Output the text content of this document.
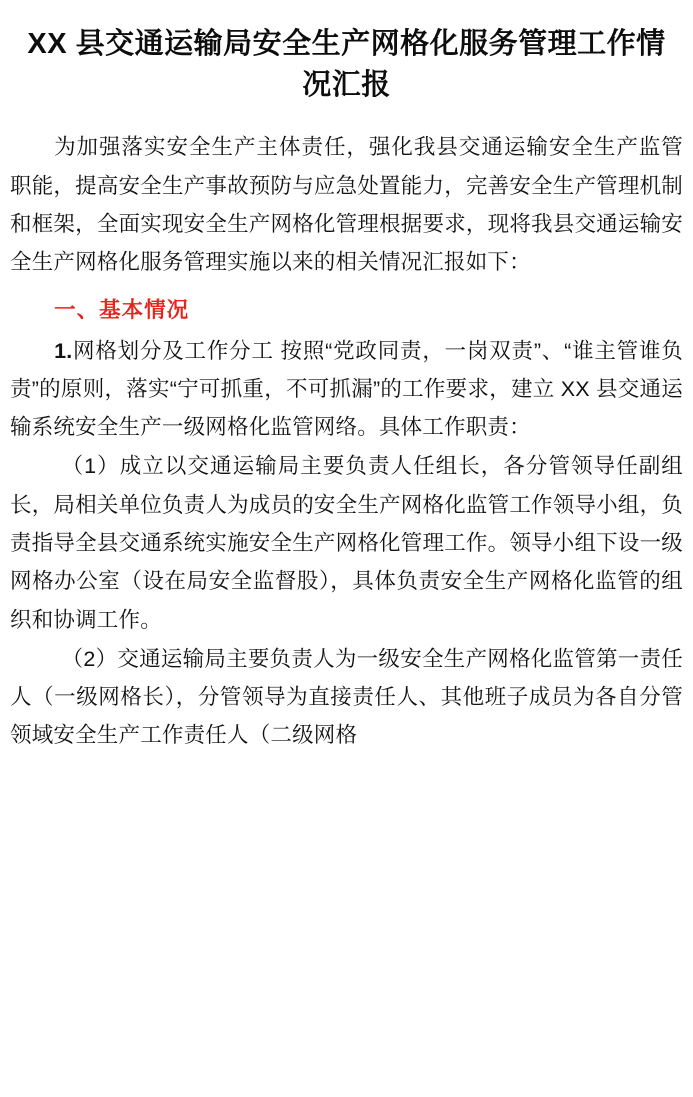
XX 县交通运输局安全生产网格化服务管理工作情况汇报

为加强落实安全生产主体责任，强化我县交通运输安全生产监管职能，提高安全生产事故预防与应急处置能力，完善安全生产管理机制和框架，全面实现安全生产网格化管理根据要求，现将我县交通运输安全生产网格化服务管理实施以来的相关情况汇报如下：

一、基本情况

1.网格划分及工作分工 按照“党政同责，一岗双责”、“谁主管谁负责”的原则，落实“宁可抓重，不可抓漏”的工作要求，建立 XX 县交通运输系统安全生产一级网格化监管网络。具体工作职责：

（1）成立以交通运输局主要负责人任组长，各分管领导任副组长，局相关单位负责人为成员的安全生产网格化监管工作领导小组，负责指导全县交通系统实施安全生产网格化管理工作。领导小组下设一级网格办公室（设在局安全监督股），具体负责安全生产网格化监管的组织和协调工作。

（2）交通运输局主要负责人为一级安全生产网格化监管第一责任人（一级网格长），分管领导为直接责任人、其他班子成员为各自分管领域安全生产工作责任人（二级网格
